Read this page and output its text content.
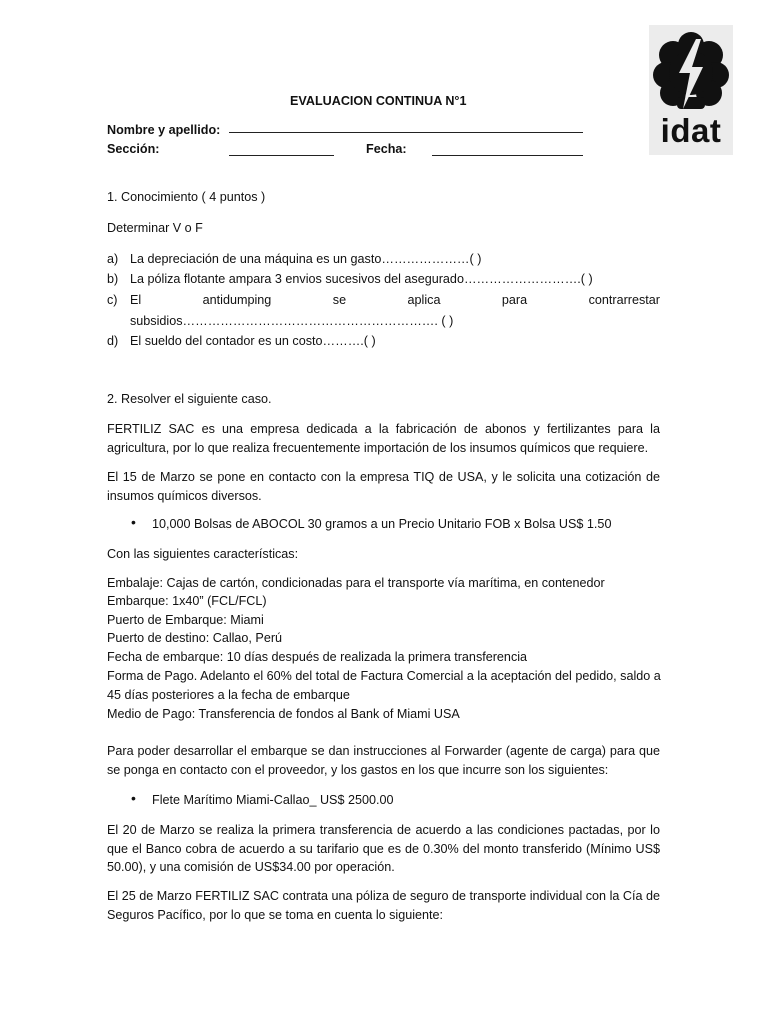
idat
EVALUACION CONTINUA N°1
Nombre y apellido:
Sección:	Fecha:
1. Conocimiento ( 4 puntos )
Determinar V o F
a) La depreciación de una máquina es un gasto…………………( )
b) La póliza flotante ampara 3 envios sucesivos del asegurado……………………….( )
c) El	antidumping	se	aplica	para	contrarrestar
subsidios……………………………………………………. ( )
d) El sueldo del contador es un costo……….( )
2. Resolver el siguiente caso.
FERTILIZ SAC es una empresa dedicada a la fabricación de abonos y fertilizantes para la agricultura, por lo que realiza frecuentemente importación de los insumos químicos que requiere.
El 15 de Marzo se pone en contacto con la empresa TIQ de USA, y le solicita una cotización de insumos químicos diversos.
• 10,000 Bolsas de ABOCOL 30 gramos a un Precio Unitario FOB x Bolsa US$ 1.50
Con las siguientes características:
Embalaje: Cajas de cartón, condicionadas para el transporte vía marítima, en contenedor
Embarque: 1x40” (FCL/FCL)
Puerto de Embarque: Miami
Puerto de destino: Callao, Perú
Fecha de embarque: 10 días después de realizada la primera transferencia
Forma de Pago. Adelanto el 60% del total de Factura Comercial a la aceptación del pedido, saldo a
45 días posteriores a la fecha de embarque
Medio de Pago: Transferencia de fondos al Bank of Miami USA
Para poder desarrollar el embarque se dan instrucciones al Forwarder (agente de carga) para que se ponga en contacto con el proveedor, y los gastos en los que incurre son los siguientes:
• Flete Marítimo Miami-Callao_ US$ 2500.00
El 20 de Marzo se realiza la primera transferencia de acuerdo a las condiciones pactadas, por lo que el Banco cobra de acuerdo a su tarifario que es de 0.30% del monto transferido (Mínimo US$ 50.00), y una comisión de US$34.00 por operación.
El 25 de Marzo FERTILIZ SAC contrata una póliza de seguro de transporte individual con la Cía de Seguros Pacífico, por lo que se toma en cuenta lo siguiente:
